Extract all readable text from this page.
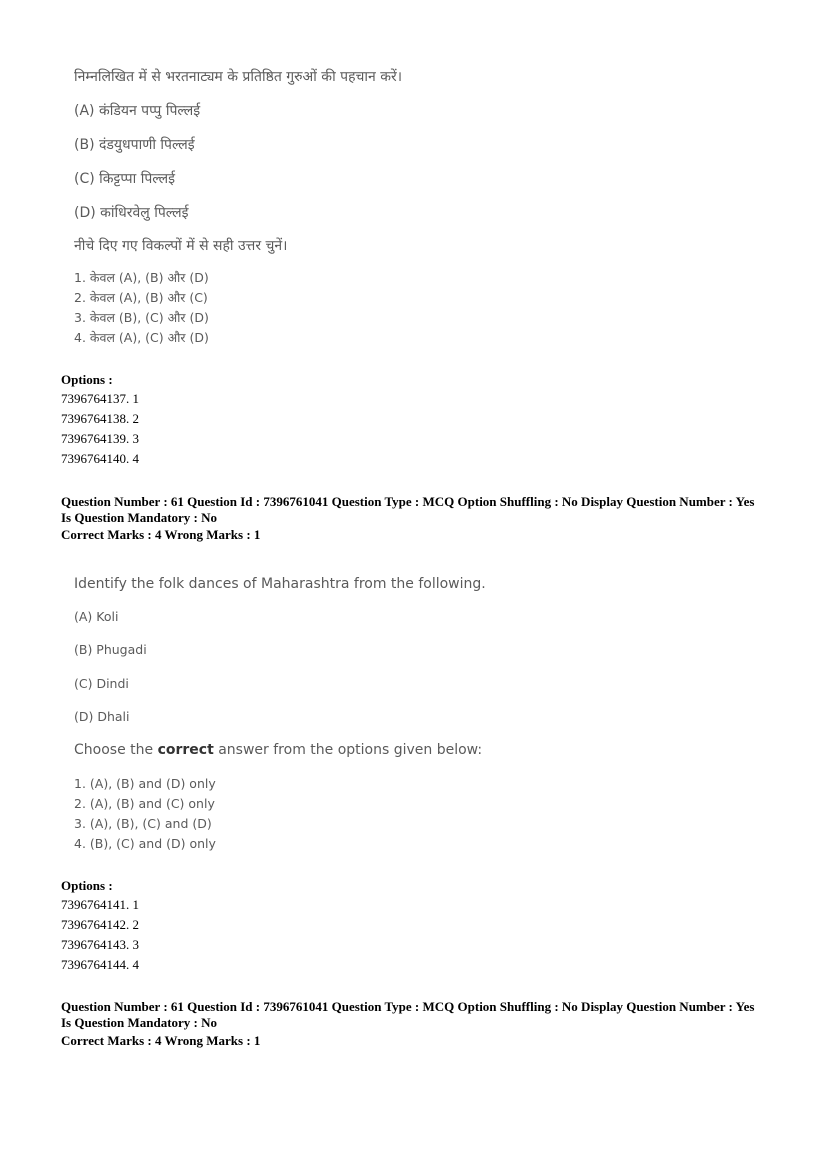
निम्नलिखित में से भरतनाट्यम के प्रतिष्ठित गुरुओं की पहचान करें।
(A) कंडियन पप्पु पिल्लई
(B) दंडयुधपाणी पिल्लई
(C) किट्टप्पा पिल्लई
(D) कांधिरवेलु पिल्लई
नीचे दिए गए विकल्पों में से सही उत्तर चुनें।
1. केवल (A), (B) और (D)
2. केवल (A), (B) और (C)
3. केवल (B), (C) और (D)
4. केवल (A), (C) और (D)
Options :
7396764137. 1
7396764138. 2
7396764139. 3
7396764140. 4
Question Number : 61 Question Id : 7396761041 Question Type : MCQ Option Shuffling : No Display Question Number : Yes
Is Question Mandatory : No
Correct Marks : 4 Wrong Marks : 1
Identify the folk dances of Maharashtra from the following.
(A) Koli
(B) Phugadi
(C) Dindi
(D) Dhali
Choose the correct answer from the options given below:
1. (A), (B) and (D) only
2. (A), (B) and (C) only
3. (A), (B), (C) and (D)
4. (B), (C) and (D) only
Options :
7396764141. 1
7396764142. 2
7396764143. 3
7396764144. 4
Question Number : 61 Question Id : 7396761041 Question Type : MCQ Option Shuffling : No Display Question Number : Yes
Is Question Mandatory : No
Correct Marks : 4 Wrong Marks : 1
